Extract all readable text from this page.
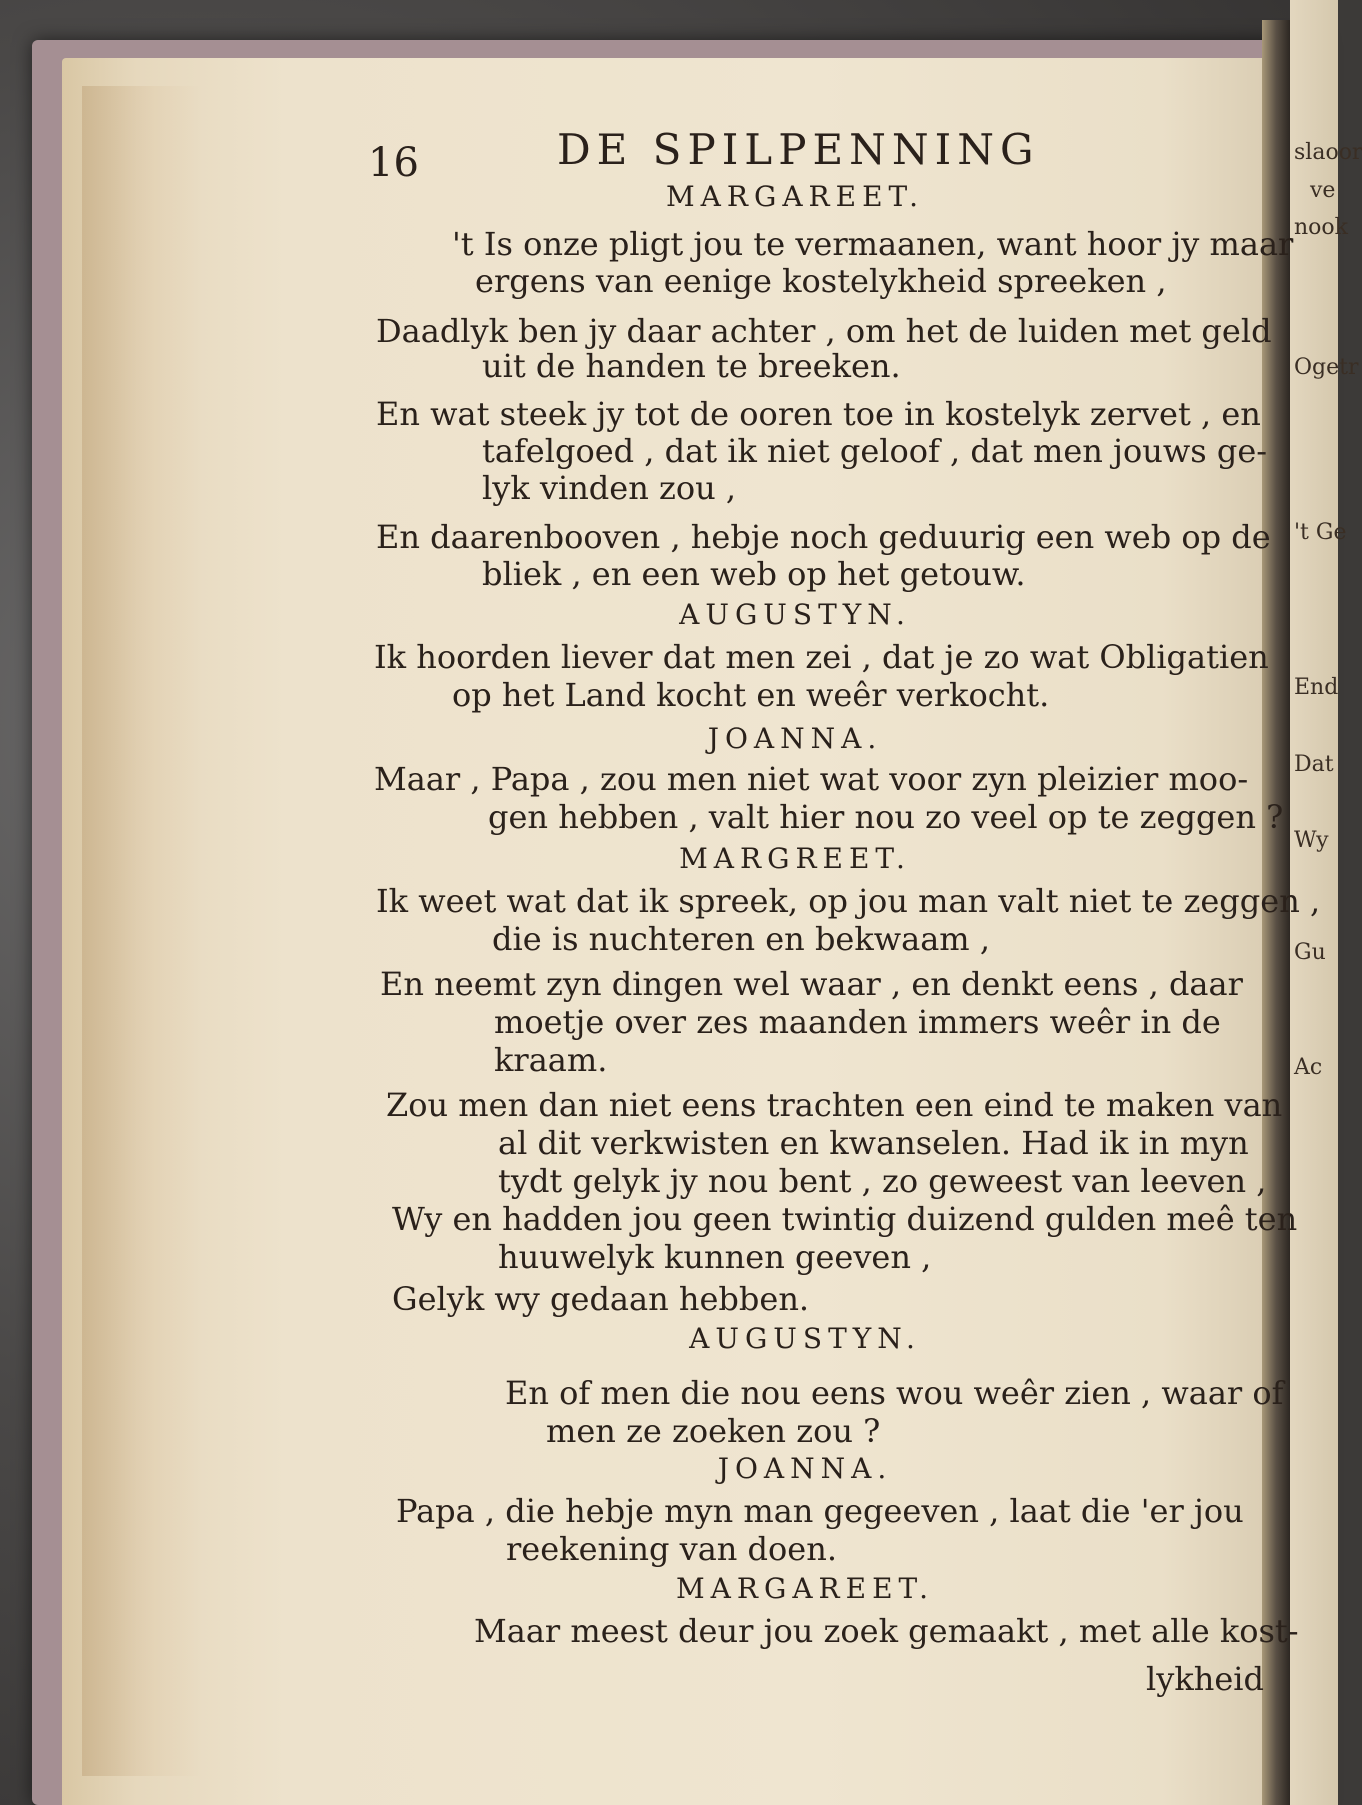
slaoor
ve
nook
Ogetr
't Ge
End
Dat
Wy
Gu
Ac
16	DE SPILPENNING
MARGAREET.
't Is onze pligt jou te vermaanen, want hoor jy maar
ergens van eenige kostelykheid spreeken ,
Daadlyk ben jy daar achter , om het de luiden met geld
uit de handen te breeken.
En wat steek jy tot de ooren toe in kostelyk zervet , en
tafelgoed , dat ik niet geloof , dat men jouws ge-
lyk vinden zou ,
En daarenbooven , hebje noch geduurig een web op de
bliek , en een web op het getouw.
AUGUSTYN.
Ik hoorden liever dat men zei , dat je zo wat Obligatien
op het Land kocht en weêr verkocht.
JOANNA.
Maar , Papa , zou men niet wat voor zyn pleizier moo-
gen hebben , valt hier nou zo veel op te zeggen ?
MARGREET.
Ik weet wat dat ik spreek, op jou man valt niet te zeggen ,
die is nuchteren en bekwaam ,
En neemt zyn dingen wel waar , en denkt eens , daar
moetje over zes maanden immers weêr in de
kraam.
Zou men dan niet eens trachten een eind te maken van
al dit verkwisten en kwanselen. Had ik in myn
tydt gelyk jy nou bent , zo geweest van leeven ,
Wy en hadden jou geen twintig duizend gulden meê ten
huuwelyk kunnen geeven ,
Gelyk wy gedaan hebben.
AUGUSTYN.
En of men die nou eens wou weêr zien , waar of
men ze zoeken zou ?
JOANNA.
Papa , die hebje myn man gegeeven , laat die 'er jou
reekening van doen.
MARGAREET.
Maar meest deur jou zoek gemaakt , met alle kost-
lykheid
